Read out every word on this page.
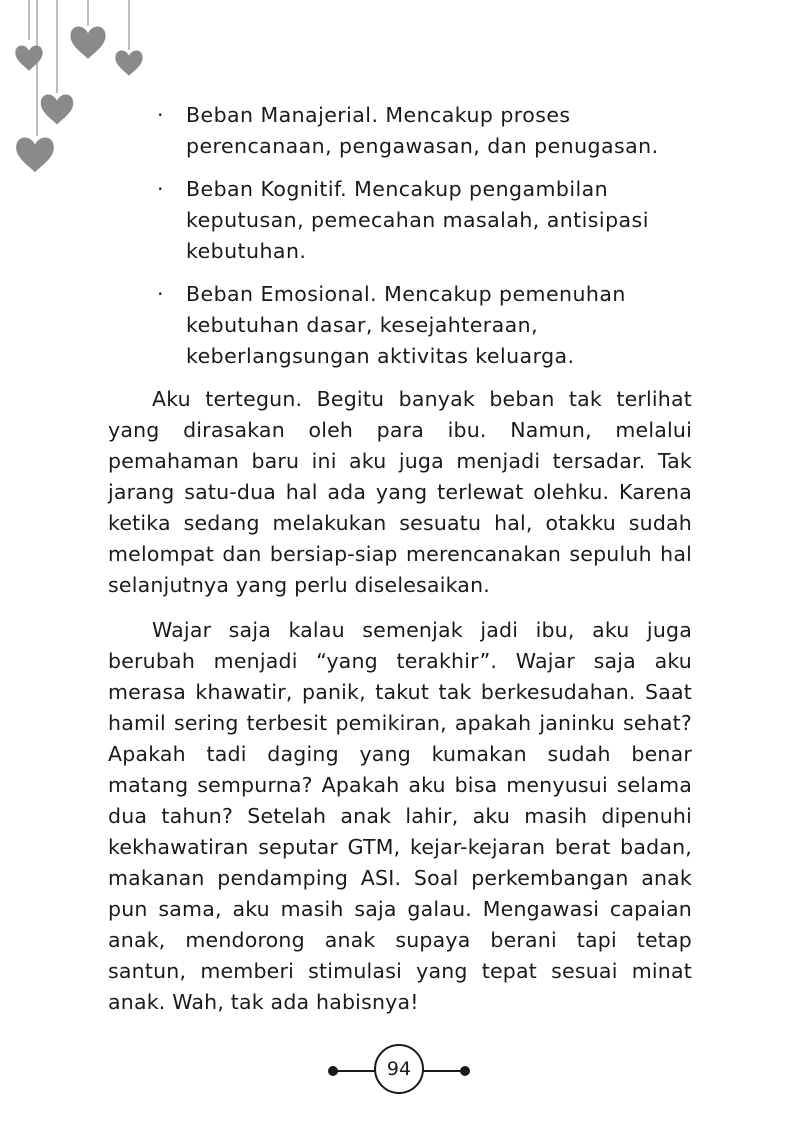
· Beban Manajerial. Mencakup proses perencanaan, pengawasan, dan penugasan.
· Beban Kognitif. Mencakup pengambilan keputusan, pemecahan masalah, antisipasi kebutuhan.
· Beban Emosional. Mencakup pemenuhan kebutuhan dasar, kesejahteraan, keberlangsungan aktivitas keluarga.

Aku tertegun. Begitu banyak beban tak terlihat yang dirasakan oleh para ibu. Namun, melalui pemahaman baru ini aku juga menjadi tersadar. Tak jarang satu-dua hal ada yang terlewat olehku. Karena ketika sedang melakukan sesuatu hal, otakku sudah melompat dan bersiap-siap merencanakan sepuluh hal selanjutnya yang perlu diselesaikan.

Wajar saja kalau semenjak jadi ibu, aku juga berubah menjadi “yang terakhir”. Wajar saja aku merasa khawatir, panik, takut tak berkesudahan. Saat hamil sering terbesit pemikiran, apakah janinku sehat? Apakah tadi daging yang kumakan sudah benar matang sempurna? Apakah aku bisa menyusui selama dua tahun? Setelah anak lahir, aku masih dipenuhi kekhawatiran seputar GTM, kejar-kejaran berat badan, makanan pendamping ASI. Soal perkembangan anak pun sama, aku masih saja galau. Mengawasi capaian anak, mendorong anak supaya berani tapi tetap santun, memberi stimulasi yang tepat sesuai minat anak. Wah, tak ada habisnya!

94
